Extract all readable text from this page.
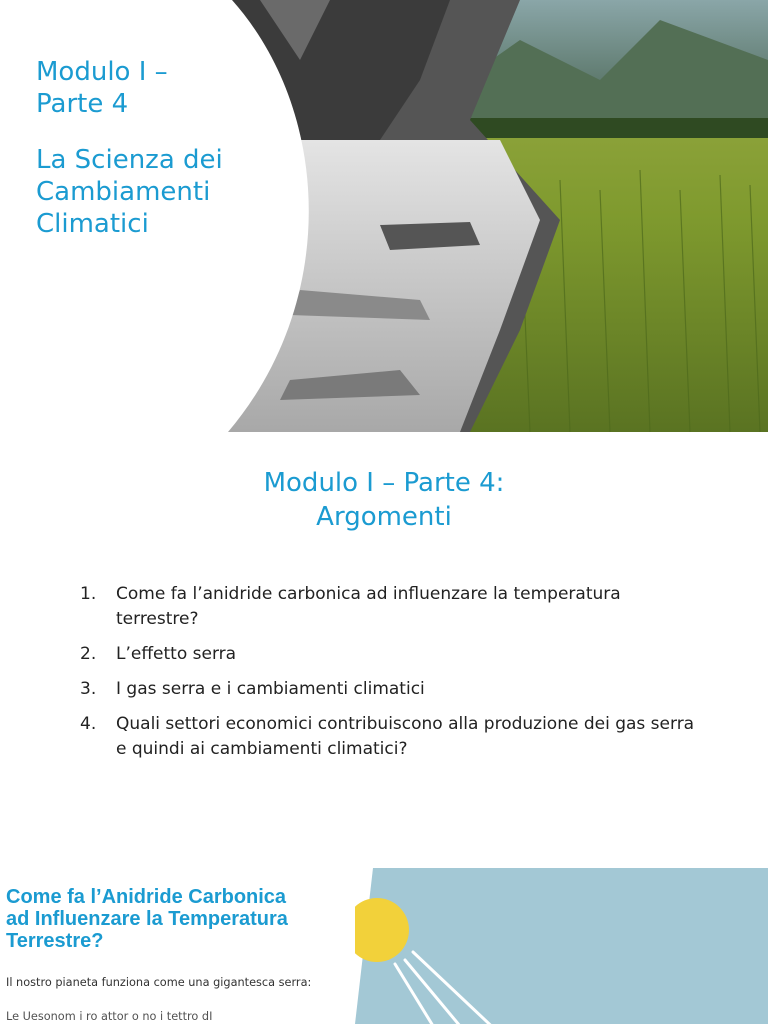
Modulo I –
Parte 4
La Scienza dei
Cambiamenti
Climatici
Modulo I – Parte 4:
Argomenti
1. Come fa l’anidride carbonica ad influenzare la temperatura terrestre?
2. L’effetto serra
3. I gas serra e i cambiamenti climatici
4. Quali settori economici contribuiscono alla produzione dei gas serra e quindi ai cambiamenti climatici?
Come fa l’Anidride Carbonica
ad Influenzare la Temperatura
Terrestre?
Il nostro pianeta funziona come una gigantesca serra:
Le Uesonom i ro attor o no i tettro dI
